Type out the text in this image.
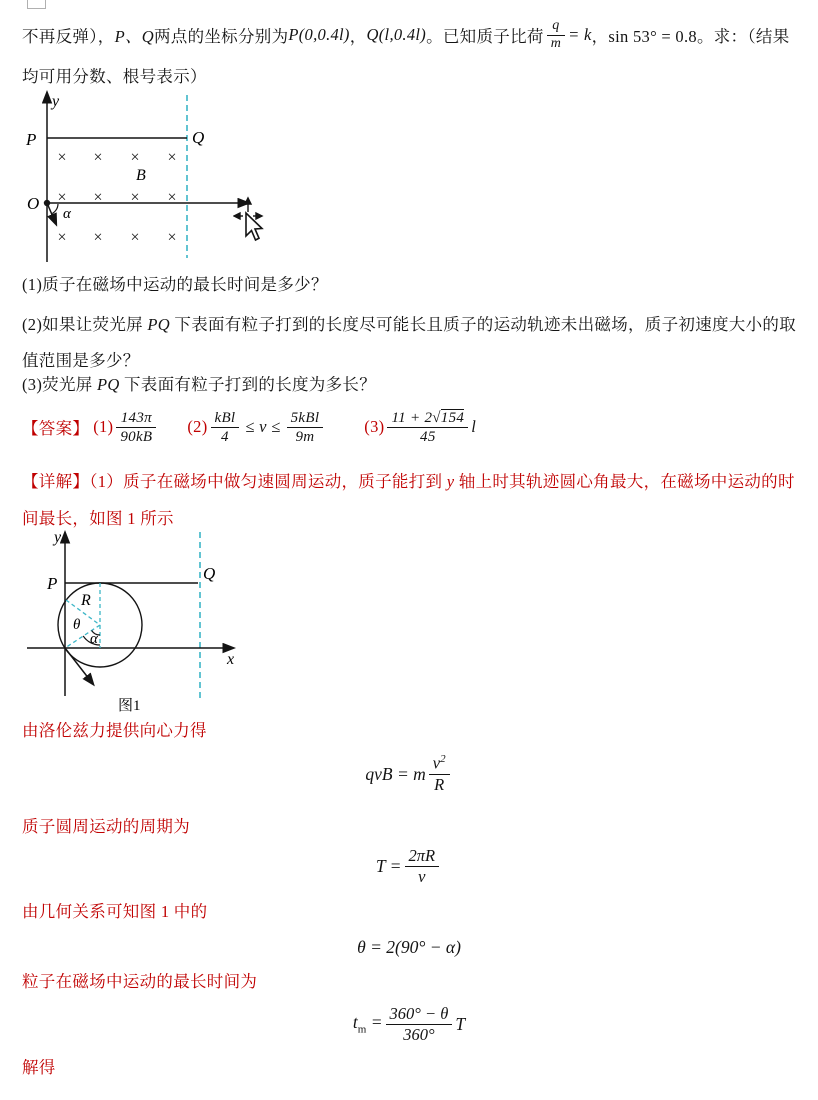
不再反弹）， P、Q 两点的坐标分别为 P(0,0.4l) ， Q(l,0.4l) 。已知质子比荷 $\frac{q}{m} = k$ ，sin 53° = 0.8。求：（结果
均可用分数、根号表示）
× × × ×
× × × ×
× × × ×
y
P	Q
B
O
α
(1)质子在磁场中运动的最长时间是多少？
(2)如果让荧光屏 PQ 下表面有粒子打到的长度尽可能长且质子的运动轨迹未出磁场，质子初速度大小的取值范围是多少？
(3)荧光屏 PQ 下表面有粒子打到的长度为多长？
【答案】 $(1) \frac{143\pi}{90kB} (2) \frac{\text{kBl}}{4} \le v \le \frac{\text{5kBl}}{9m} (3) \frac{11 + 2√154}{45}$ l
【详解】（1）质子在磁场中做匀速圆周运动，质子能打到 y 轴上时其轨迹圆心角最大，在磁场中运动的时间最长，如图 1 所示
y
x
P
Q
R
θ
α
图1
由洛伦兹力提供向心力得
qvB = m $\frac{v^2}{R}$
质子圆周运动的周期为
$T = \frac{2\pi R}{v}$
由几何关系可知图 1 中的
θ = 2(90° − α)
粒子在磁场中运动的最长时间为
$t_m = \frac{360^\circ - \theta}{360^\circ}$ T
解得
